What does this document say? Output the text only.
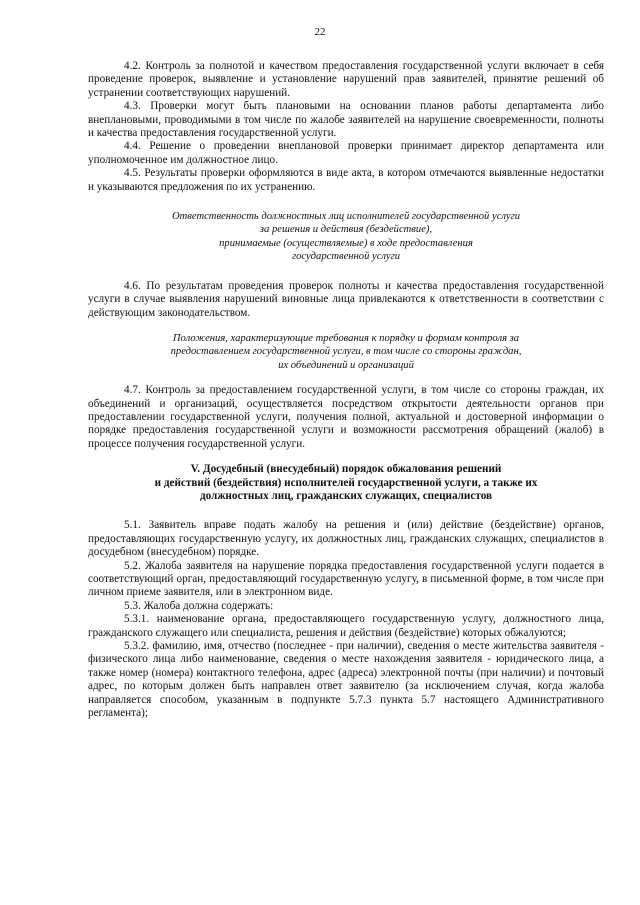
22

4.2. Контроль за полнотой и качеством предоставления государственной услуги включает в себя проведение проверок, выявление и установление нарушений прав заявителей, принятие решений об устранении соответствующих нарушений.

4.3. Проверки могут быть плановыми на основании планов работы департамента либо внеплановыми, проводимыми в том числе по жалобе заявителей на нарушение своевременности, полноты и качества предоставления государственной услуги.

4.4. Решение о проведении внеплановой проверки принимает директор департамента или уполномоченное им должностное лицо.

4.5. Результаты проверки оформляются в виде акта, в котором отмечаются выявленные недостатки и указываются предложения по их устранению.

Ответственность должностных лиц исполнителей государственной услуги

за решения и действия (бездействие),

принимаемые (осуществляемые) в ходе предоставления

государственной услуги

4.6. По результатам проведения проверок полноты и качества предоставления государственной услуги в случае выявления нарушений виновные лица привлекаются к ответственности в соответствии с действующим законодательством.

Положения, характеризующие требования к порядку и формам контроля за

предоставлением государственной услуги, в том числе со стороны граждан,

их объединений и организаций

4.7. Контроль за предоставлением государственной услуги, в том числе со стороны граждан, их объединений и организаций, осуществляется посредством открытости деятельности органов при предоставлении государственной услуги, получения полной, актуальной и достоверной информации о порядке предоставления государственной услуги и возможности рассмотрения обращений (жалоб) в процессе получения государственной услуги.

V. Досудебный (внесудебный) порядок обжалования решений

и действий (бездействия) исполнителей государственной услуги, а также их

должностных лиц, гражданских служащих, специалистов

5.1. Заявитель вправе подать жалобу на решения и (или) действие (бездействие) органов, предоставляющих государственную услугу, их должностных лиц, гражданских служащих, специалистов в досудебном (внесудебном) порядке.

5.2. Жалоба заявителя на нарушение порядка предоставления государственной услуги подается в соответствующий орган, предоставляющий государственную услугу, в письменной форме, в том числе при личном приеме заявителя, или в электронном виде.

5.3. Жалоба должна содержать:

5.3.1. наименование органа, предоставляющего государственную услугу, должностного лица, гражданского служащего или специалиста, решения и действия (бездействие) которых обжалуются;

5.3.2. фамилию, имя, отчество (последнее - при наличии), сведения о месте жительства заявителя - физического лица либо наименование, сведения о месте нахождения заявителя - юридического лица, а также номер (номера) контактного телефона, адрес (адреса) электронной почты (при наличии) и почтовый адрес, по которым должен быть направлен ответ заявителю (за исключением случая, когда жалоба направляется способом, указанным в подпункте 5.7.3 пункта 5.7 настоящего Административного регламента);
